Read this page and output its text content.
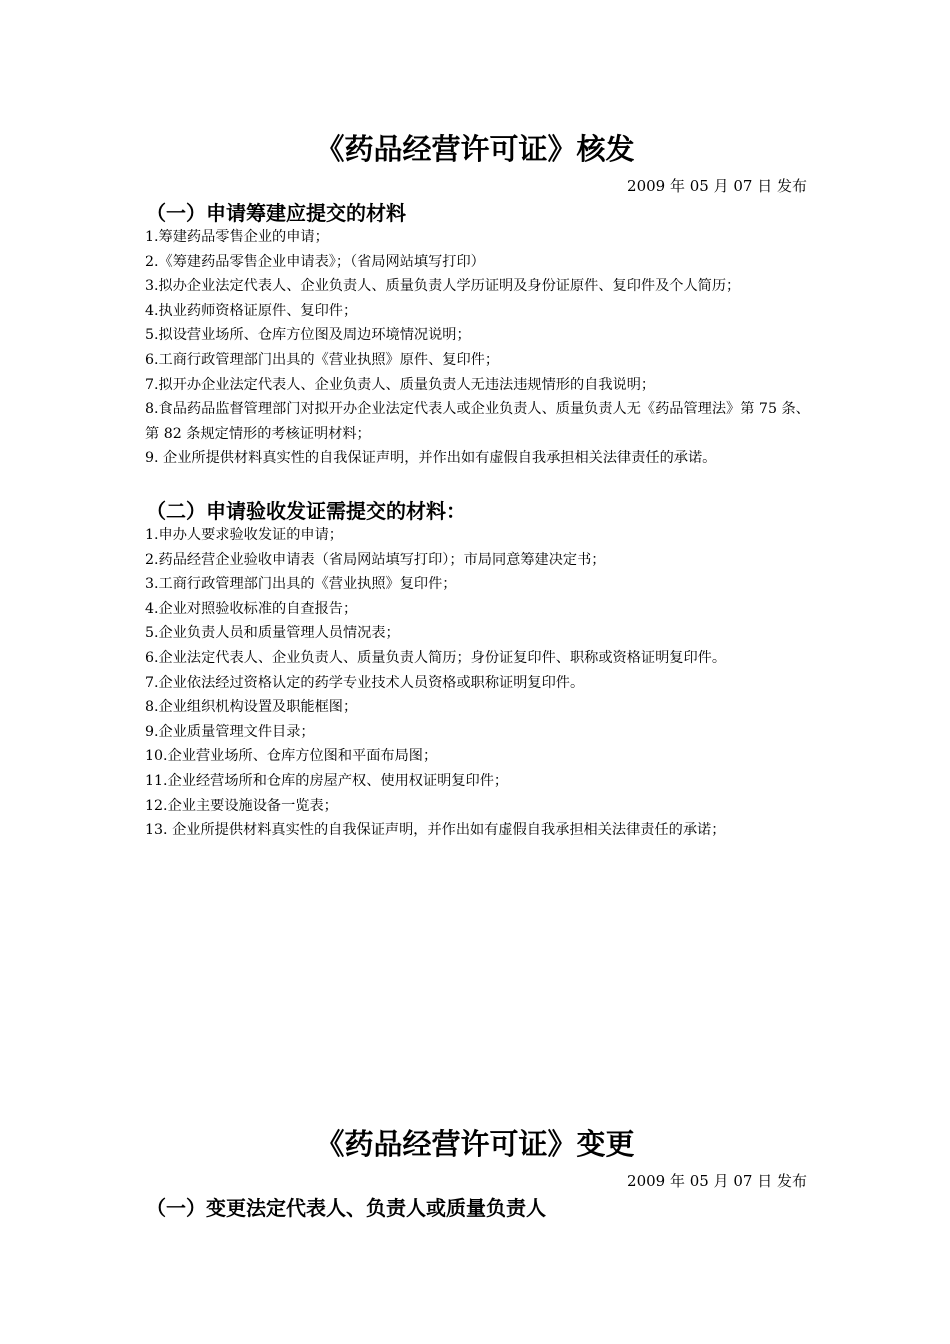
《药品经营许可证》核发
2009 年 05 月 07 日 发布
（一）申请筹建应提交的材料
1.筹建药品零售企业的申请；
2.《筹建药品零售企业申请表》；（省局网站填写打印）
3.拟办企业法定代表人、企业负责人、质量负责人学历证明及身份证原件、复印件及个人简历；
4.执业药师资格证原件、复印件；
5.拟设营业场所、仓库方位图及周边环境情况说明；
6.工商行政管理部门出具的《营业执照》原件、复印件；
7.拟开办企业法定代表人、企业负责人、质量负责人无违法违规情形的自我说明；
8.食品药品监督管理部门对拟开办企业法定代表人或企业负责人、质量负责人无《药品管理法》第 75 条、第 82 条规定情形的考核证明材料；
9. 企业所提供材料真实性的自我保证声明，并作出如有虚假自我承担相关法律责任的承诺。
（二）申请验收发证需提交的材料：
1.申办人要求验收发证的申请；
2.药品经营企业验收申请表（省局网站填写打印）；市局同意筹建决定书；
3.工商行政管理部门出具的《营业执照》复印件；
4.企业对照验收标准的自查报告；
5.企业负责人员和质量管理人员情况表；
6.企业法定代表人、企业负责人、质量负责人简历；身份证复印件、职称或资格证明复印件。
7.企业依法经过资格认定的药学专业技术人员资格或职称证明复印件。
8.企业组织机构设置及职能框图；
9.企业质量管理文件目录；
10.企业营业场所、仓库方位图和平面布局图；
11.企业经营场所和仓库的房屋产权、使用权证明复印件；
12.企业主要设施设备一览表；
13. 企业所提供材料真实性的自我保证声明，并作出如有虚假自我承担相关法律责任的承诺；
《药品经营许可证》变更
2009 年 05 月 07 日 发布
（一）变更法定代表人、负责人或质量负责人
